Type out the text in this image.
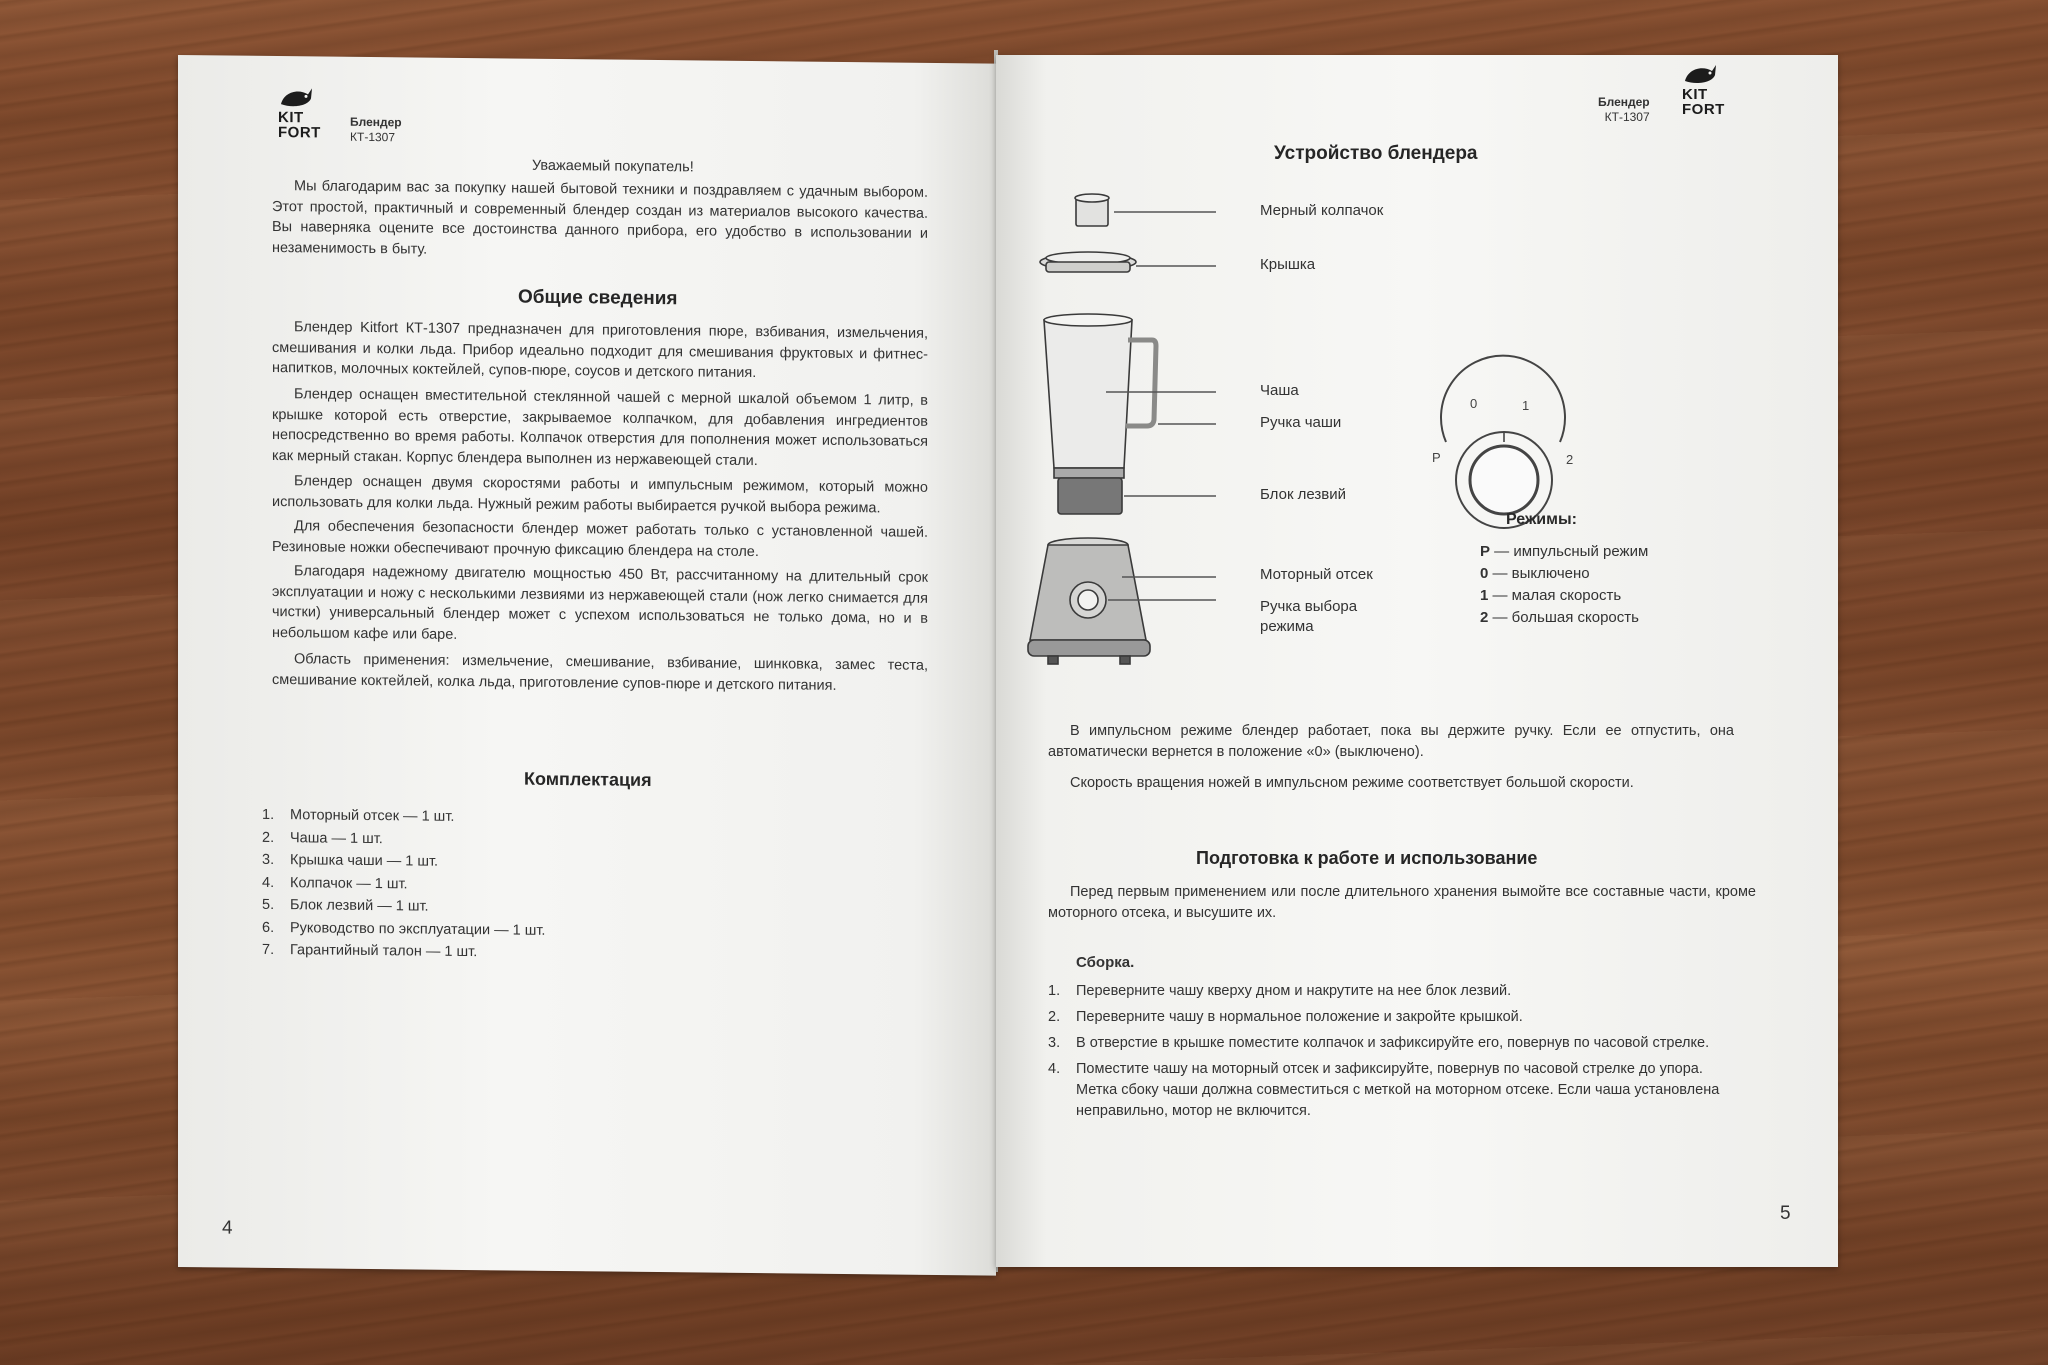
KIT
FORT
Блендер
КТ-1307
Уважаемый покупатель!

Мы благодарим вас за покупку нашей бытовой техники и поздравляем с удачным выбором. Этот простой, практичный и современный блендер создан из материалов высокого качества. Вы наверняка оцените все достоинства данного прибора, его удобство в использовании и незаменимость в быту.

Общие сведения

Блендер Kitfort КТ-1307 предназначен для приготовления пюре, взбивания, измельчения, смешивания и колки льда. Прибор идеально подходит для смешивания фруктовых и фитнес-напитков, молочных коктейлей, супов-пюре, соусов и детского питания.

Блендер оснащен вместительной стеклянной чашей с мерной шкалой объемом 1 литр, в крышке которой есть отверстие, закрываемое колпачком, для добавления ингредиентов непосредственно во время работы. Колпачок отверстия для пополнения может использоваться как мерный стакан. Корпус блендера выполнен из нержавеющей стали.

Блендер оснащен двумя скоростями работы и импульсным режимом, который можно использовать для колки льда. Нужный режим работы выбирается ручкой выбора режима.

Для обеспечения безопасности блендер может работать только с установленной чашей. Резиновые ножки обеспечивают прочную фиксацию блендера на столе.

Благодаря надежному двигателю мощностью 450 Вт, рассчитанному на длительный срок эксплуатации и ножу с несколькими лезвиями из нержавеющей стали (нож легко снимается для чистки) универсальный блендер может с успехом использоваться не только дома, но и в небольшом кафе или баре.

Область применения: измельчение, смешивание, взбивание, шинковка, замес теста, смешивание коктейлей, колка льда, приготовление супов-пюре и детского питания.

Комплектация
1. Моторный отсек — 1 шт.
2. Чаша — 1 шт.
3. Крышка чаши — 1 шт.
4. Колпачок — 1 шт.
5. Блок лезвий — 1 шт.
6. Руководство по эксплуатации — 1 шт.
7. Гарантийный талон — 1 шт.
4
Блендер
КТ-1307
KIT
FORT
Устройство блендера
0	1
P	2
Мерный колпачок
Крышка
Чаша
Ручка чаши
Блок лезвий
Моторный отсек
Ручка выбора режима
Режимы:
P — импульсный режим
0 — выключено
1 — малая скорость
2 — большая скорость

В импульсном режиме блендер работает, пока вы держите ручку. Если ее отпустить, она автоматически вернется в положение «0» (выключено).

Скорость вращения ножей в импульсном режиме соответствует большой скорости.

Подготовка к работе и использование

Перед первым применением или после длительного хранения вымойте все составные части, кроме моторного отсека, и высушите их.

Сборка.
1. Переверните чашу кверху дном и накрутите на нее блок лезвий.
2. Переверните чашу в нормальное положение и закройте крышкой.
3. В отверстие в крышке поместите колпачок и зафиксируйте его, повернув по часовой стрелке.
4. Поместите чашу на моторный отсек и зафиксируйте, повернув по часовой стрелке до упора. Метка сбоку чаши должна совместиться с меткой на моторном отсеке. Если чаша установлена неправильно, мотор не включится.
5
